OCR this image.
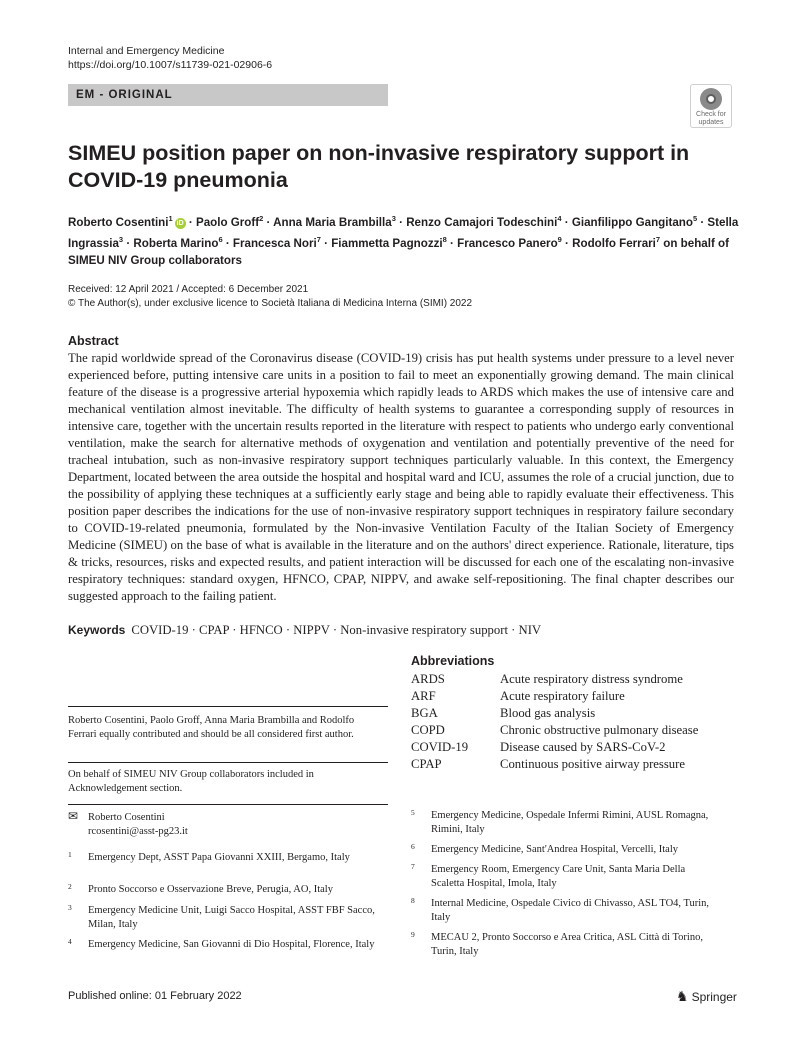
Internal and Emergency Medicine
https://doi.org/10.1007/s11739-021-02906-6
EM - ORIGINAL
Check for
updates
SIMEU position paper on non-invasive respiratory support in COVID-19 pneumonia
Roberto Cosentini$^1$iD · Paolo Groff$^2$ · Anna Maria Brambilla$^3$ · Renzo Camajori Todeschini$^4$ · Gianfilippo Gangitano$^5$ · Stella Ingrassia$^3$ · Roberta Marino$^6$ · Francesca Nori$^7$ · Fiammetta Pagnozzi$^8$ · Francesco Panero$^9$ · Rodolfo Ferrari$^7$ on behalf of SIMEU NIV Group collaborators
Received: 12 April 2021 / Accepted: 6 December 2021
© The Author(s), under exclusive licence to Società Italiana di Medicina Interna (SIMI) 2022
Abstract
The rapid worldwide spread of the Coronavirus disease (COVID-19) crisis has put health systems under pressure to a level never experienced before, putting intensive care units in a position to fail to meet an exponentially growing demand. The main clinical feature of the disease is a progressive arterial hypoxemia which rapidly leads to ARDS which makes the use of intensive care and mechanical ventilation almost inevitable. The difficulty of health systems to guarantee a corresponding supply of resources in intensive care, together with the uncertain results reported in the literature with respect to patients who undergo early conventional ventilation, make the search for alternative methods of oxygenation and ventilation and potentially preventive of the need for tracheal intubation, such as non-invasive respiratory support techniques particularly valuable. In this context, the Emergency Department, located between the area outside the hospital and hospital ward and ICU, assumes the role of a crucial junction, due to the possibility of applying these techniques at a sufficiently early stage and being able to rapidly evaluate their effectiveness. This position paper describes the indications for the use of non-invasive respiratory support techniques in respiratory failure secondary to COVID-19-related pneumonia, formulated by the Non-invasive Ventilation Faculty of the Italian Society of Emergency Medicine (SIMEU) on the base of what is available in the literature and on the authors' direct experience. Rationale, literature, tips & tricks, resources, risks and expected results, and patient interaction will be discussed for each one of the escalating non-invasive respiratory techniques: standard oxygen, HFNCO, CPAP, NIPPV, and awake self-repositioning. The final chapter describes our suggested approach to the failing patient.
Keywords COVID-19 · CPAP · HFNCO · NIPPV · Non-invasive respiratory support · NIV
Abbreviations
ARDS	Acute respiratory distress syndrome
ARF	Acute respiratory failure
BGA	Blood gas analysis
COPD	Chronic obstructive pulmonary disease
COVID-19	Disease caused by SARS-CoV-2
CPAP	Continuous positive airway pressure
Roberto Cosentini, Paolo Groff, Anna Maria Brambilla and Rodolfo Ferrari equally contributed and should be all considered first author.
On behalf of SIMEU NIV Group collaborators included in Acknowledgement section.
✉ Roberto Cosentini
rcosentini@asst-pg23.it
1 Emergency Dept, ASST Papa Giovanni XXIII, Bergamo, Italy
2 Pronto Soccorso e Osservazione Breve, Perugia, AO, Italy
3 Emergency Medicine Unit, Luigi Sacco Hospital, ASST FBF Sacco, Milan, Italy
4 Emergency Medicine, San Giovanni di Dio Hospital, Florence, Italy
5 Emergency Medicine, Ospedale Infermi Rimini, AUSL Romagna, Rimini, Italy
6 Emergency Medicine, Sant'Andrea Hospital, Vercelli, Italy
7 Emergency Room, Emergency Care Unit, Santa Maria Della Scaletta Hospital, Imola, Italy
8 Internal Medicine, Ospedale Civico di Chivasso, ASL TO4, Turin, Italy
9 MECAU 2, Pronto Soccorso e Area Critica, ASL Città di Torino, Turin, Italy
Published online: 01 February 2022	♞ Springer
